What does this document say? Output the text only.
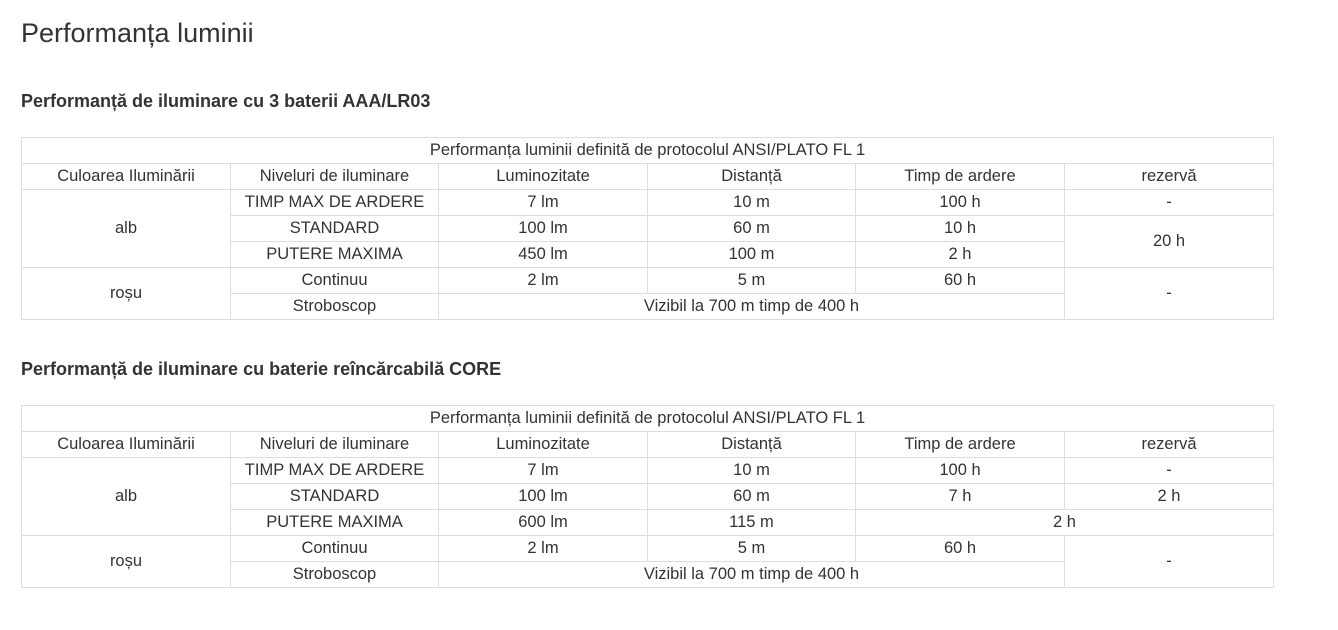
Performanța luminii
Performanță de iluminare cu 3 baterii AAA/LR03
Performanța luminii definită de protocolul ANSI/PLATO FL 1					
Culoarea Iluminării	Niveluri de iluminare	Luminozitate	Distanță	Timp de ardere	rezervă
alb	TIMP MAX DE ARDERE	7 lm	10 m	100 h	-
	STANDARD	100 lm	60 m	10 h	20 h
	PUTERE MAXIMA	450 lm	100 m	2 h	
roșu	Continuu	2 lm	5 m	60 h	-
	Stroboscop	Vizibil la 700 m timp de 400 h			
Performanță de iluminare cu baterie reîncărcabilă CORE
Performanța luminii definită de protocolul ANSI/PLATO FL 1					
Culoarea Iluminării	Niveluri de iluminare	Luminozitate	Distanță	Timp de ardere	rezervă
alb	TIMP MAX DE ARDERE	7 lm	10 m	100 h	-
	STANDARD	100 lm	60 m	7 h	2 h
	PUTERE MAXIMA	600 lm	115 m	2 h	
roșu	Continuu	2 lm	5 m	60 h	-
	Stroboscop	Vizibil la 700 m timp de 400 h			
